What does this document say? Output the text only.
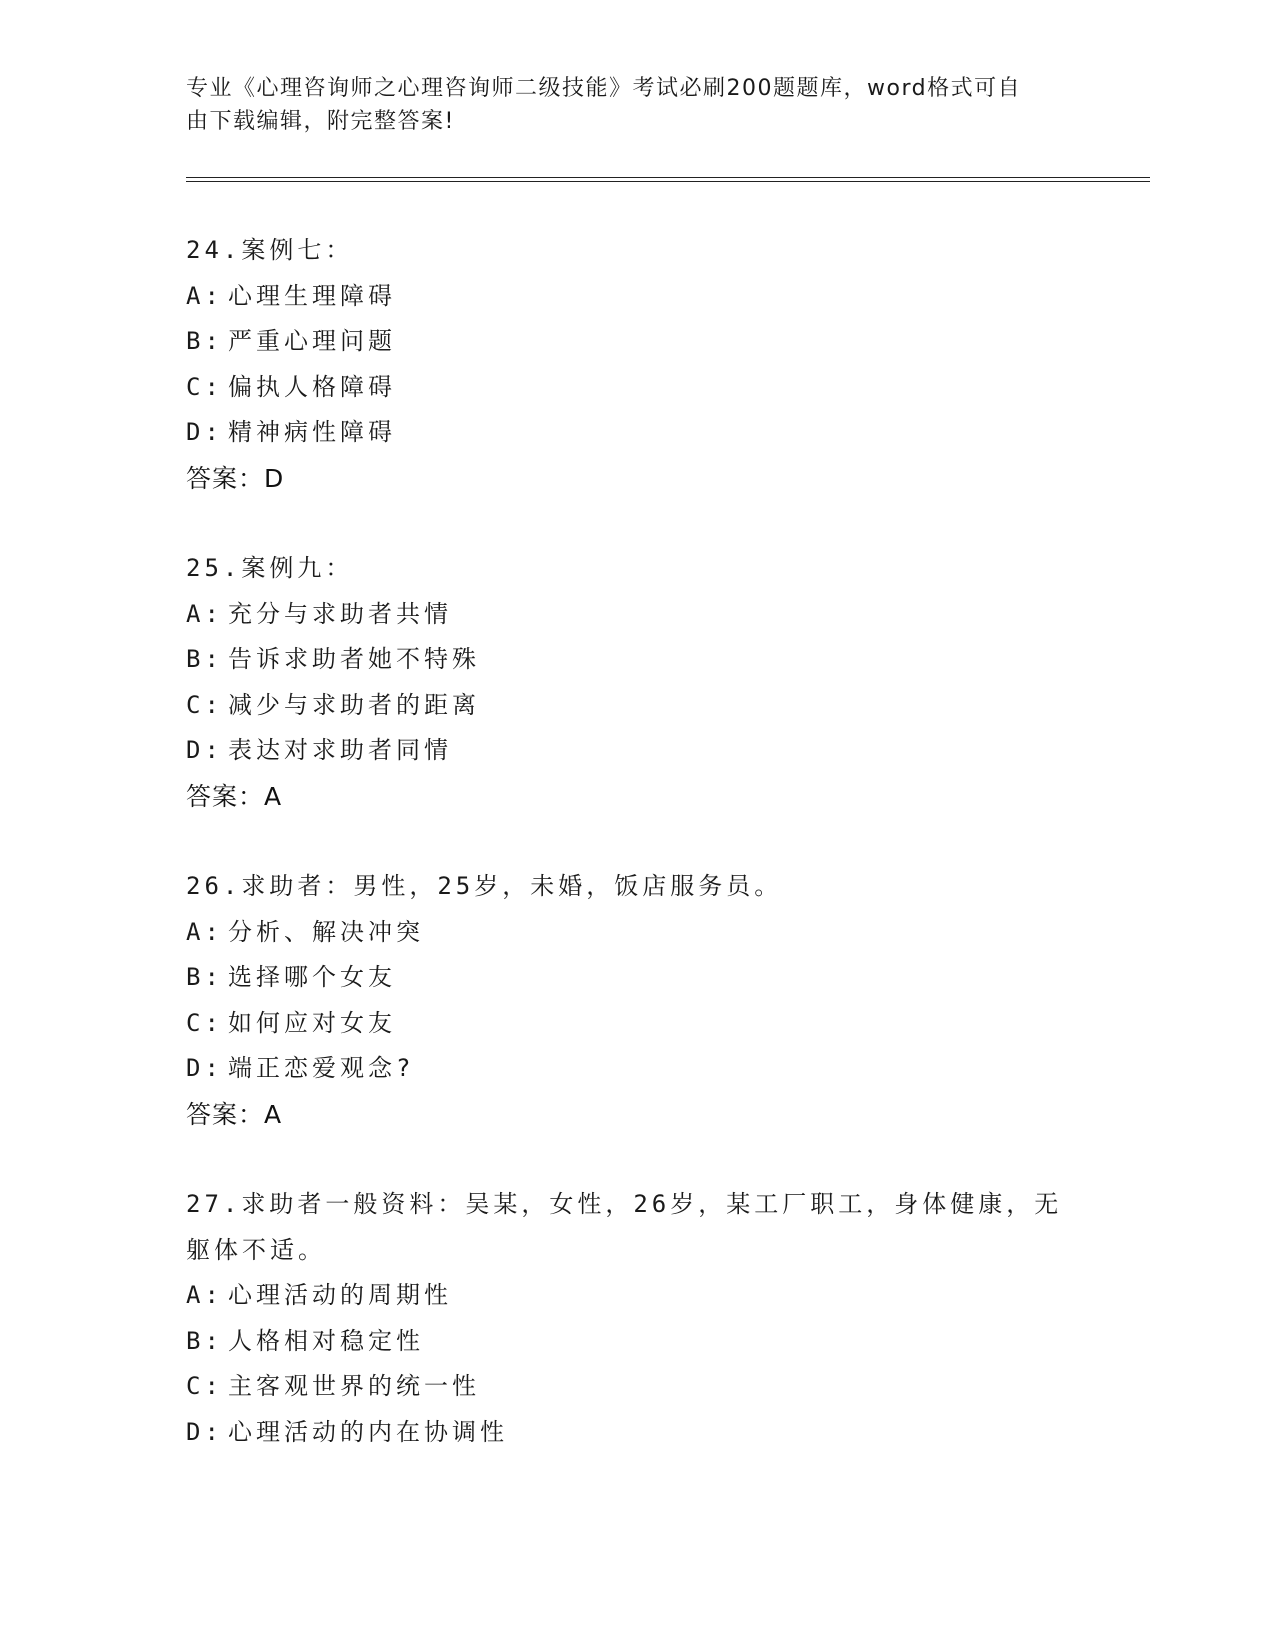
专业《心理咨询师之心理咨询师二级技能》考试必刷200题题库，word格式可自
由下载编辑，附完整答案!
24.案例七：
A: 心理生理障碍
B: 严重心理问题
C: 偏执人格障碍
D: 精神病性障碍
答案：D
25.案例九：
A: 充分与求助者共情
B: 告诉求助者她不特殊
C: 减少与求助者的距离
D: 表达对求助者同情
答案：A
26.求助者：男性，25岁，未婚，饭店服务员。
A: 分析、解决冲突
B: 选择哪个女友
C: 如何应对女友
D: 端正恋爱观念?
答案：A
27.求助者一般资料：吴某，女性，26岁，某工厂职工，身体健康，无
躯体不适。
A: 心理活动的周期性
B: 人格相对稳定性
C: 主客观世界的统一性
D: 心理活动的内在协调性
